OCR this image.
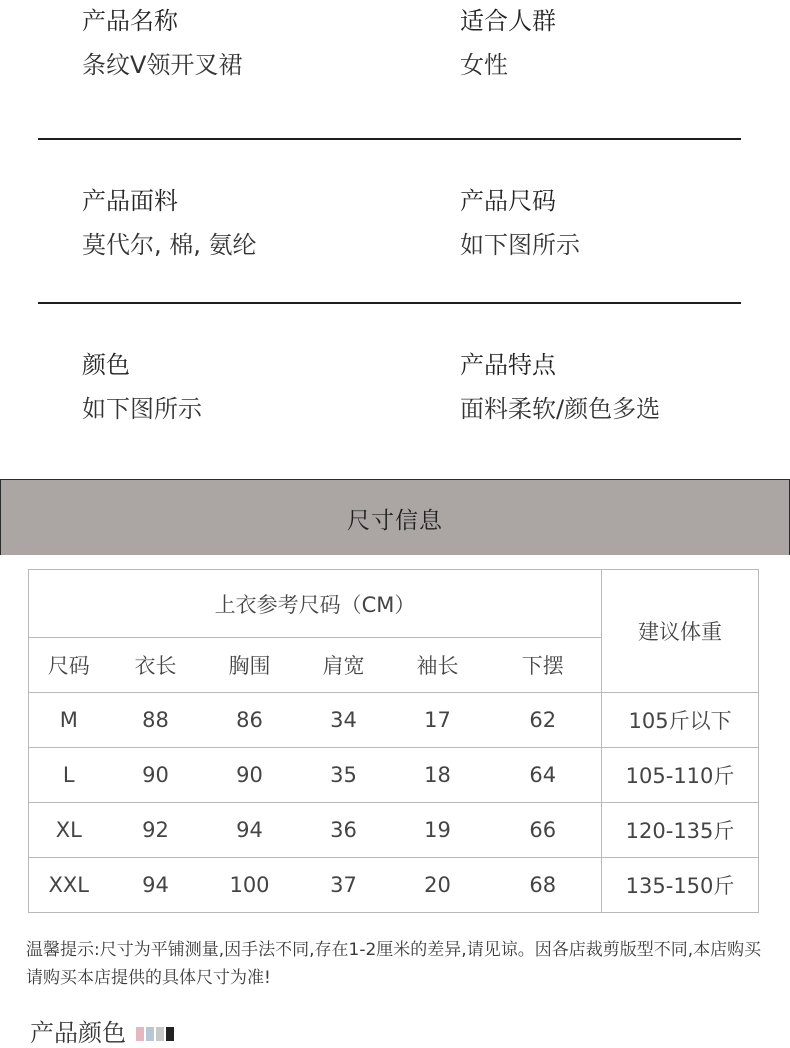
产品名称
条纹V领开叉裙
适合人群
女性
产品面料
莫代尔, 棉, 氨纶
产品尺码
如下图所示
颜色
如下图所示
产品特点
面料柔软/颜色多选
尺寸信息
上衣参考尺码（CM）						建议体重
尺码	衣长	胸围	肩宽	袖长	下摆	
M	88	86	34	17	62	105斤以下
L	90	90	35	18	64	105-110斤
XL	92	94	36	19	66	120-135斤
XXL	94	100	37	20	68	135-150斤
温馨提示:尺寸为平铺测量,因手法不同,存在1-2厘米的差异,请见谅。因各店裁剪版型不同,本店购买请购买本店提供的具体尺寸为准!
产品颜色
